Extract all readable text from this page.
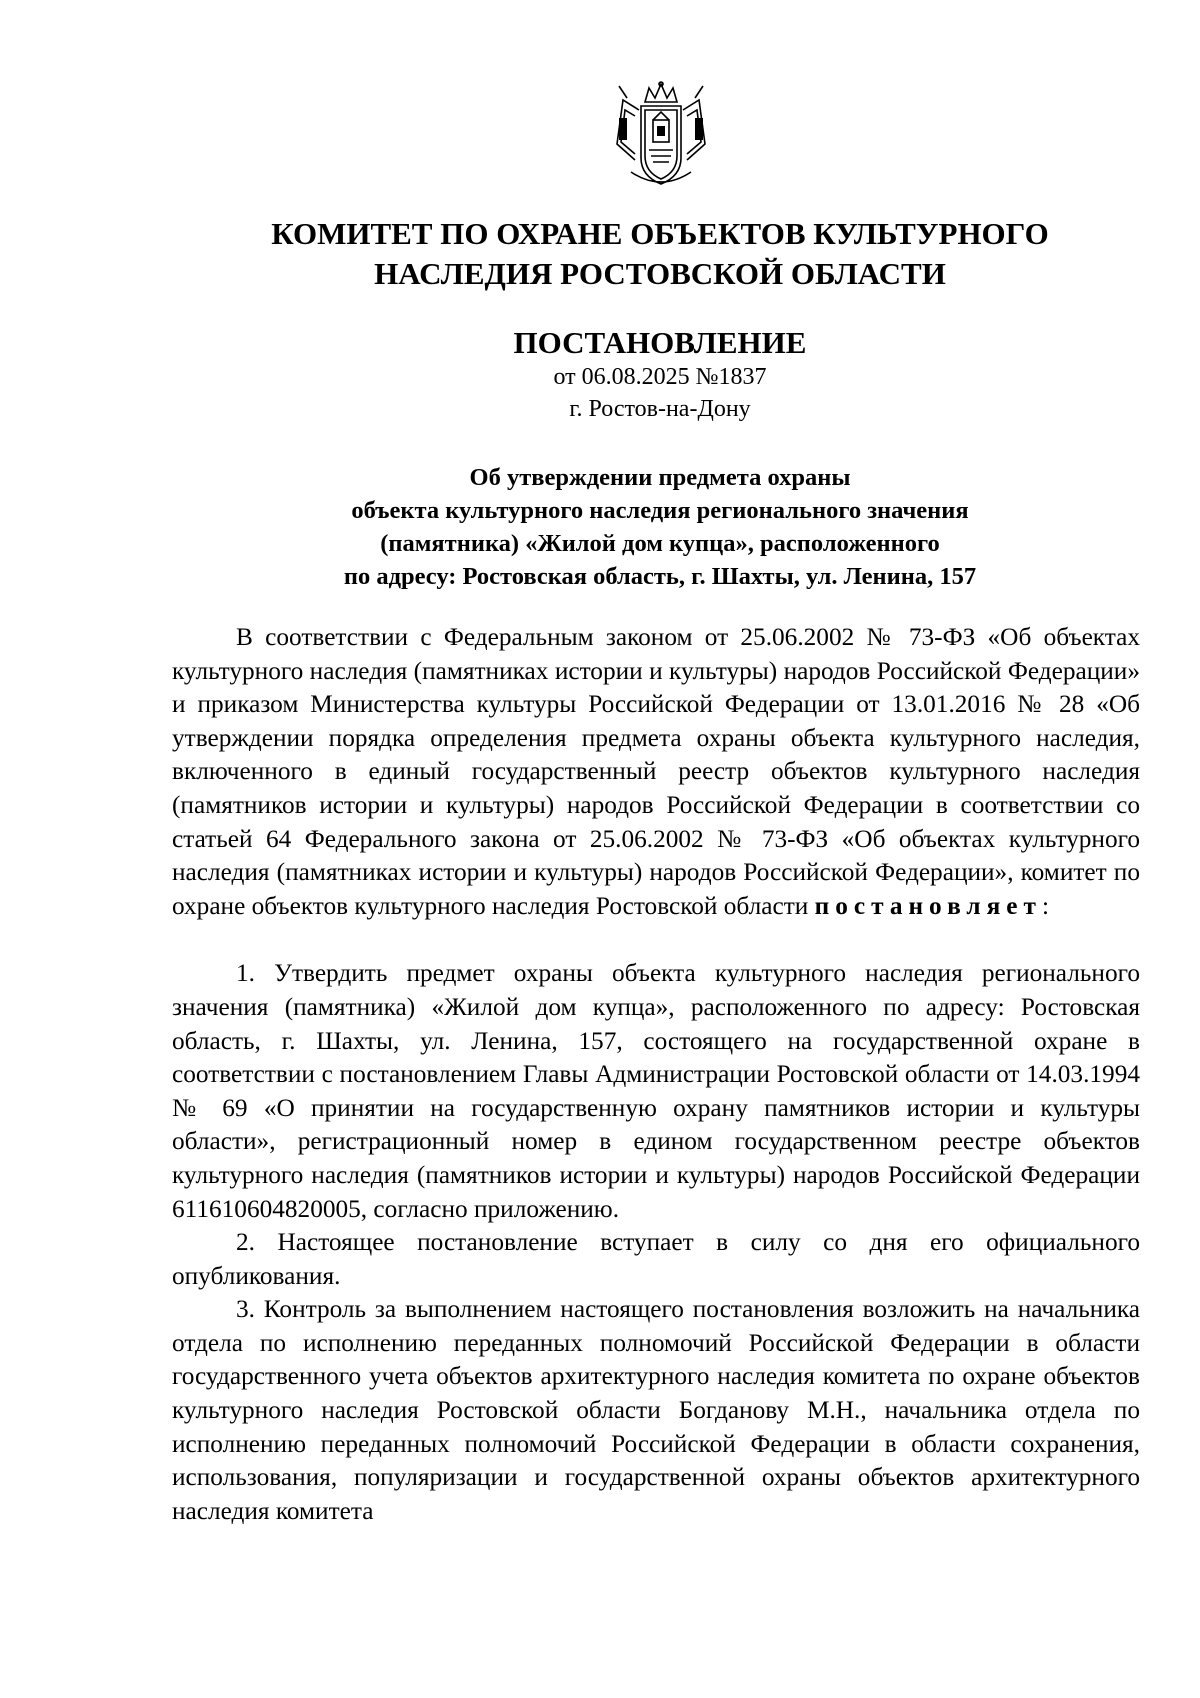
КОМИТЕТ ПО ОХРАНЕ ОБЪЕКТОВ КУЛЬТУРНОГО
НАСЛЕДИЯ РОСТОВСКОЙ ОБЛАСТИ
ПОСТАНОВЛЕНИЕ
от 06.08.2025 №1837
г. Ростов-на-Дону
Об утверждении предмета охраны
объекта культурного наследия регионального значения
(памятника) «Жилой дом купца», расположенного
по адресу: Ростовская область, г. Шахты, ул. Ленина, 157

В соответствии с Федеральным законом от 25.06.2002 № 73-ФЗ «Об объектах культурного наследия (памятниках истории и культуры) народов Российской Федерации» и приказом Министерства культуры Российской Федерации от 13.01.2016 № 28 «Об утверждении порядка определения предмета охраны объекта культурного наследия, включенного в единый государственный реестр объектов культурного наследия (памятников истории и культуры) народов Российской Федерации в соответствии со статьей 64 Федерального закона от 25.06.2002 № 73-ФЗ «Об объектах культурного наследия (памятниках истории и культуры) народов Российской Федерации», комитет по охране объектов культурного наследия Ростовской области постановляет:

1. Утвердить предмет охраны объекта культурного наследия регионального значения (памятника) «Жилой дом купца», расположенного по адресу: Ростовская область, г. Шахты, ул. Ленина, 157, состоящего на государственной охране в соответствии с постановлением Главы Администрации Ростовской области от 14.03.1994 № 69 «О принятии на государственную охрану памятников истории и культуры области», регистрационный номер в едином государственном реестре объектов культурного наследия (памятников истории и культуры) народов Российской Федерации 611610604820005, согласно приложению.

2. Настоящее постановление вступает в силу со дня его официального опубликования.

3. Контроль за выполнением настоящего постановления возложить на начальника отдела по исполнению переданных полномочий Российской Федерации в области государственного учета объектов архитектурного наследия комитета по охране объектов культурного наследия Ростовской области Богданову М.Н., начальника отдела по исполнению переданных полномочий Российской Федерации в области сохранения, использования, популяризации и государственной охраны объектов архитектурного наследия комитета
